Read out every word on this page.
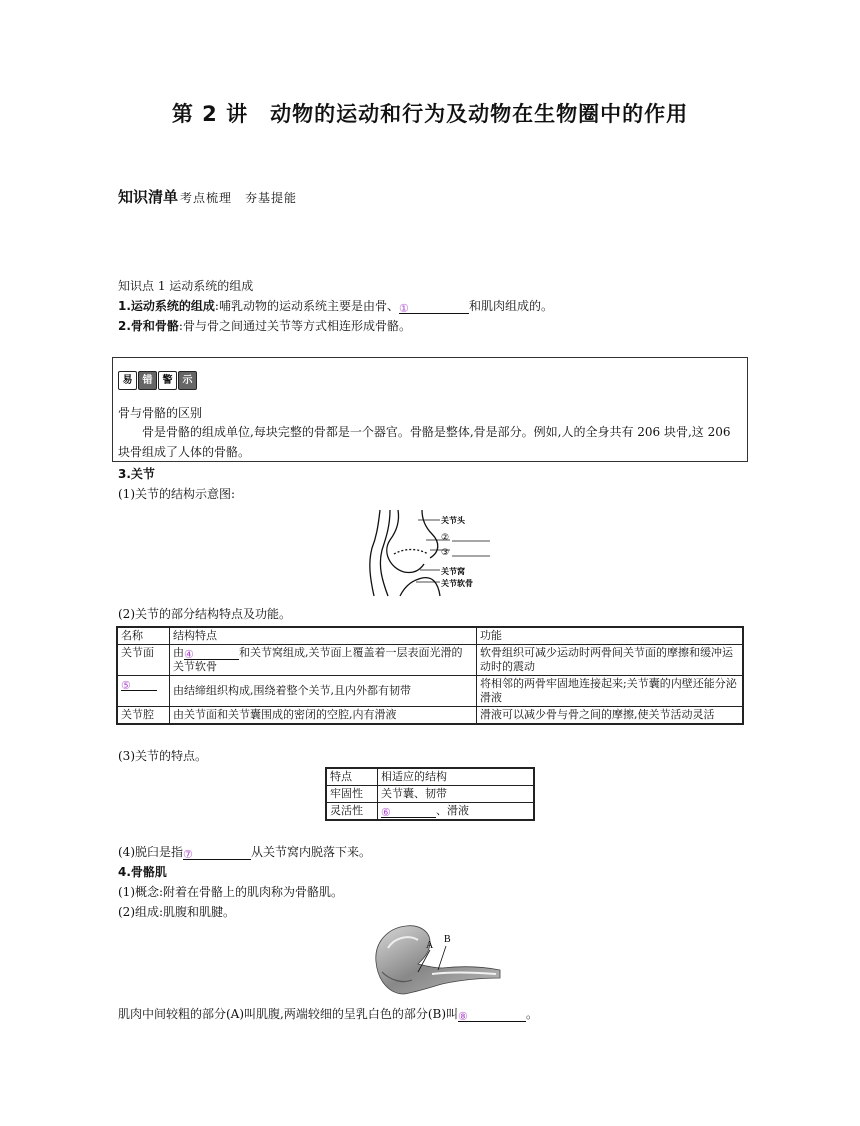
第 2 讲　动物的运动和行为及动物在生物圈中的作用
知识清单 考点梳理　夯基提能
知识点 1 运动系统的组成
1.运动系统的组成:哺乳动物的运动系统主要是由骨、①	和肌肉组成的。
2.骨和骨骼:骨与骨之间通过关节等方式相连形成骨骼。
易	错	警	示
骨与骨骼的区别
骨是骨骼的组成单位,每块完整的骨都是一个器官。骨骼是整体,骨是部分。例如,人的全身共有 206 块骨,这 206 块骨组成了人体的骨骼。
3.关节
(1)关节的结构示意图:
关节头
②
③
关节窝
关节软骨
(2)关节的部分结构特点及功能。
名称	结构特点	功能
关节面	由④ 和关节窝组成,关节面上覆盖着一层表面光滑的关节软骨	软骨组织可减少运动时两骨间关节面的摩擦和缓冲运动时的震动
⑤	由结缔组织构成,围绕着整个关节,且内外都有韧带	将相邻的两骨牢固地连接起来;关节囊的内壁还能分泌滑液
关节腔	由关节面和关节囊围成的密闭的空腔,内有滑液	滑液可以减少骨与骨之间的摩擦,使关节活动灵活
(3)关节的特点。
特点	相适应的结构
牢固性	关节囊、韧带
灵活性	⑥ 、滑液
(4)脱臼是指⑦	从关节窝内脱落下来。
4.骨骼肌
(1)概念:附着在骨骼上的肌肉称为骨骼肌。
(2)组成:肌腹和肌腱。
A
B
肌肉中间较粗的部分(A)叫肌腹,两端较细的呈乳白色的部分(B)叫⑧	。
